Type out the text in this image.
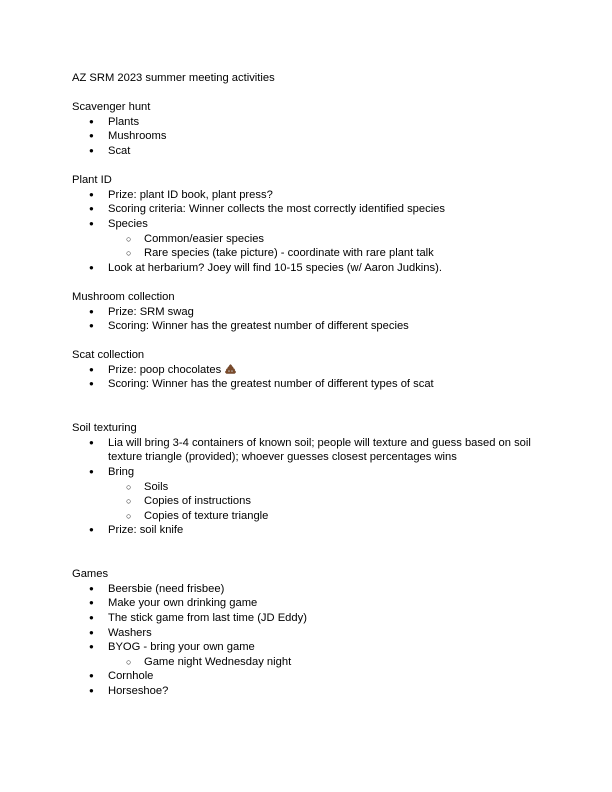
AZ SRM 2023 summer meeting activities
Scavenger hunt
● Plants
● Mushrooms
● Scat
Plant ID
● Prize: plant ID book, plant press?
● Scoring criteria: Winner collects the most correctly identified species
● Species
○ Common/easier species
○ Rare species (take picture) - coordinate with rare plant talk
● Look at herbarium? Joey will find 10-15 species (w/ Aaron Judkins).
Mushroom collection
● Prize: SRM swag
● Scoring: Winner has the greatest number of different species
Scat collection
● Prize: poop chocolates
● Scoring: Winner has the greatest number of different types of scat
Soil texturing
● Lia will bring 3-4 containers of known soil; people will texture and guess based on soil texture triangle (provided); whoever guesses closest percentages wins
● Bring
○ Soils
○ Copies of instructions
○ Copies of texture triangle
● Prize: soil knife
Games
● Beersbie (need frisbee)
● Make your own drinking game
● The stick game from last time (JD Eddy)
● Washers
● BYOG - bring your own game
○ Game night Wednesday night
● Cornhole
● Horseshoe?
